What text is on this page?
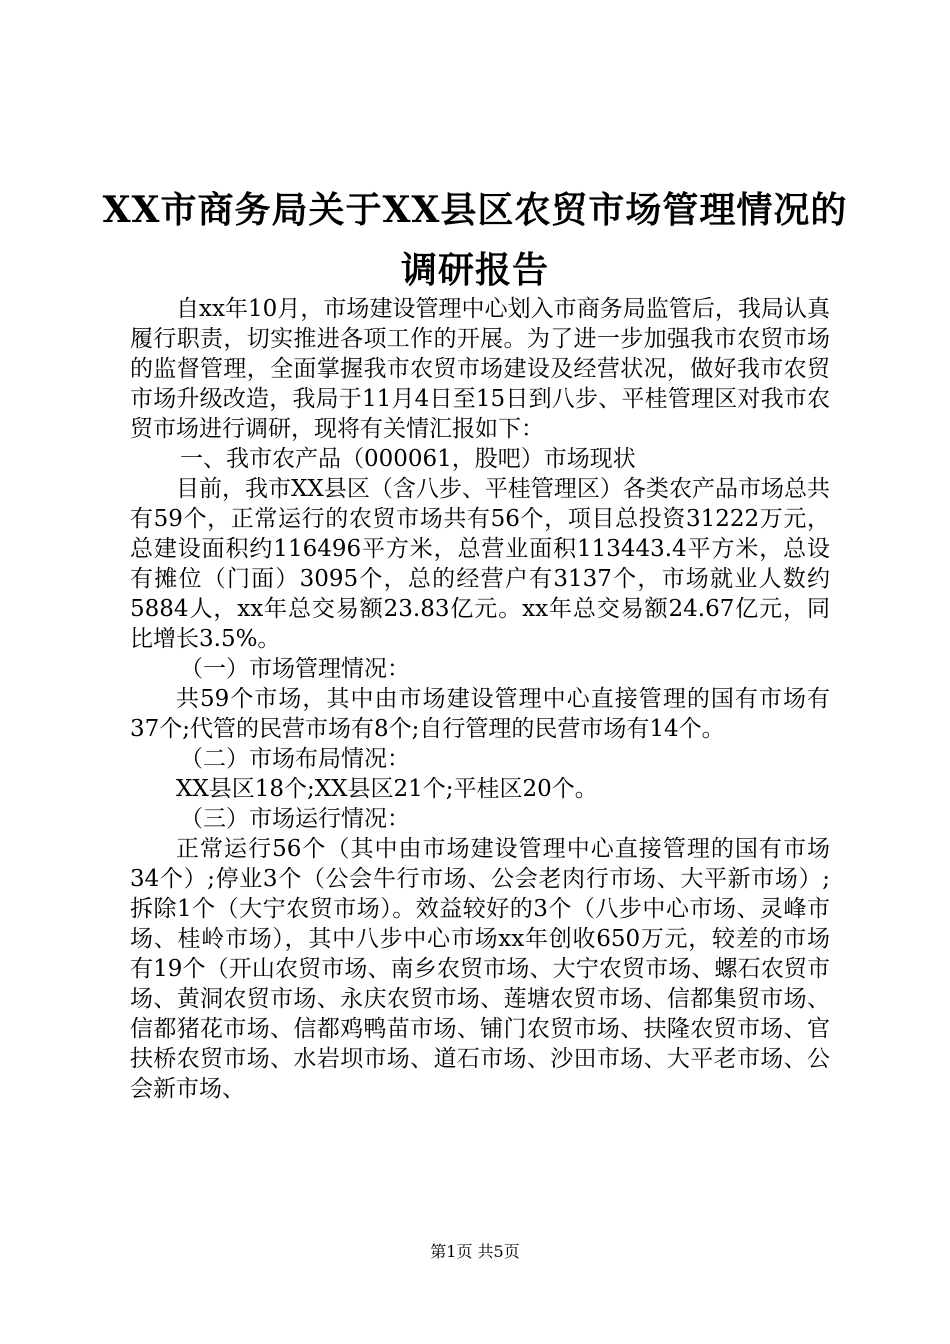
XX市商务局关于XX县区农贸市场管理情况的
调研报告

自xx年10月，市场建设管理中心划入市商务局监管后，我局认真履行职责，切实推进各项工作的开展。为了进一步加强我市农贸市场的监督管理，全面掌握我市农贸市场建设及经营状况，做好我市农贸市场升级改造，我局于11月4日至15日到八步、平桂管理区对我市农贸市场进行调研，现将有关情汇报如下：

一、我市农产品（000061，股吧）市场现状

目前，我市XX县区（含八步、平桂管理区）各类农产品市场总共有59个，正常运行的农贸市场共有56个，项目总投资31222万元，总建设面积约116496平方米，总营业面积113443.4平方米，总设有摊位（门面）3095个，总的经营户有3137个，市场就业人数约5884人，xx年总交易额23.83亿元。xx年总交易额24.67亿元，同比增长3.5%。

（一）市场管理情况：

共59个市场，其中由市场建设管理中心直接管理的国有市场有37个;代管的民营市场有8个;自行管理的民营市场有14个。

（二）市场布局情况：

XX县区18个;XX县区21个;平桂区20个。

（三）市场运行情况：

正常运行56个（其中由市场建设管理中心直接管理的国有市场34个）;停业3个（公会牛行市场、公会老肉行市场、大平新市场）;拆除1个（大宁农贸市场）。效益较好的3个（八步中心市场、灵峰市场、桂岭市场），其中八步中心市场xx年创收650万元，较差的市场有19个（开山农贸市场、南乡农贸市场、大宁农贸市场、螺石农贸市场、黄洞农贸市场、永庆农贸市场、莲塘农贸市场、信都集贸市场、信都猪花市场、信都鸡鸭苗市场、铺门农贸市场、扶隆农贸市场、官扶桥农贸市场、水岩坝市场、道石市场、沙田市场、大平老市场、公会新市场、

第1页 共5页
